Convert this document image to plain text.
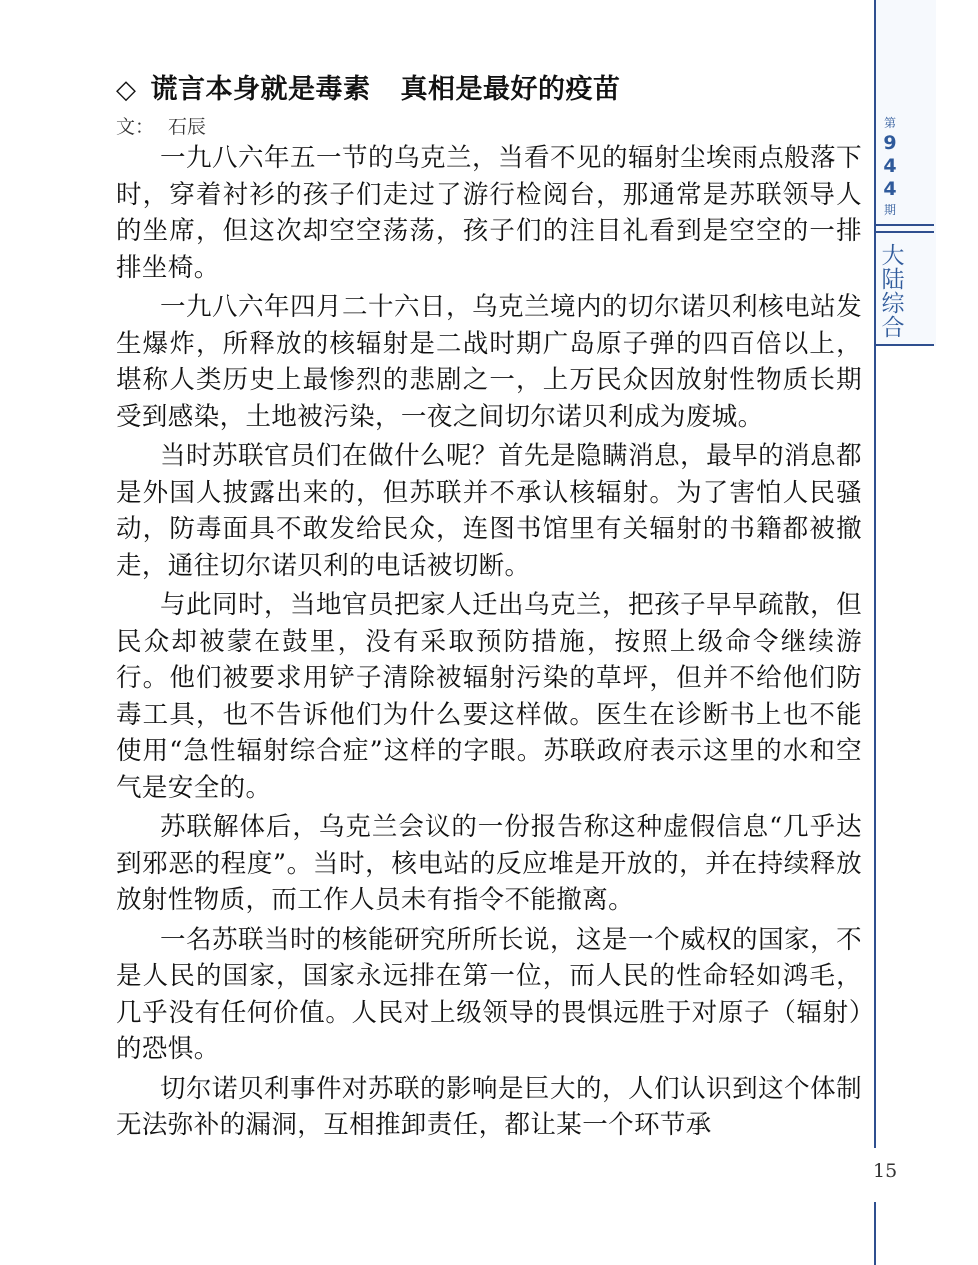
◇ 谎言本身就是毒素 真相是最好的疫苗
文： 石辰

一九八六年五一节的乌克兰，当看不见的辐射尘埃雨点般落下时，穿着衬衫的孩子们走过了游行检阅台，那通常是苏联领导人的坐席，但这次却空空荡荡，孩子们的注目礼看到是空空的一排排坐椅。

一九八六年四月二十六日，乌克兰境内的切尔诺贝利核电站发生爆炸，所释放的核辐射是二战时期广岛原子弹的四百倍以上，堪称人类历史上最惨烈的悲剧之一，上万民众因放射性物质长期受到感染，土地被污染，一夜之间切尔诺贝利成为废城。

当时苏联官员们在做什么呢？首先是隐瞒消息，最早的消息都是外国人披露出来的，但苏联并不承认核辐射。为了害怕人民骚动，防毒面具不敢发给民众，连图书馆里有关辐射的书籍都被撤走，通往切尔诺贝利的电话被切断。

与此同时，当地官员把家人迁出乌克兰，把孩子早早疏散，但民众却被蒙在鼓里，没有采取预防措施，按照上级命令继续游行。他们被要求用铲子清除被辐射污染的草坪，但并不给他们防毒工具，也不告诉他们为什么要这样做。医生在诊断书上也不能使用“急性辐射综合症”这样的字眼。苏联政府表示这里的水和空气是安全的。

苏联解体后，乌克兰会议的一份报告称这种虚假信息“几乎达到邪恶的程度”。当时，核电站的反应堆是开放的，并在持续释放放射性物质，而工作人员未有指令不能撤离。

一名苏联当时的核能研究所所长说，这是一个威权的国家，不是人民的国家，国家永远排在第一位，而人民的性命轻如鸿毛，几乎没有任何价值。人民对上级领导的畏惧远胜于对原子（辐射）的恐惧。

切尔诺贝利事件对苏联的影响是巨大的，人们认识到这个体制无法弥补的漏洞，互相推卸责任，都让某一个环节承

第
9
4
4
期
大
陆
综
合
15
